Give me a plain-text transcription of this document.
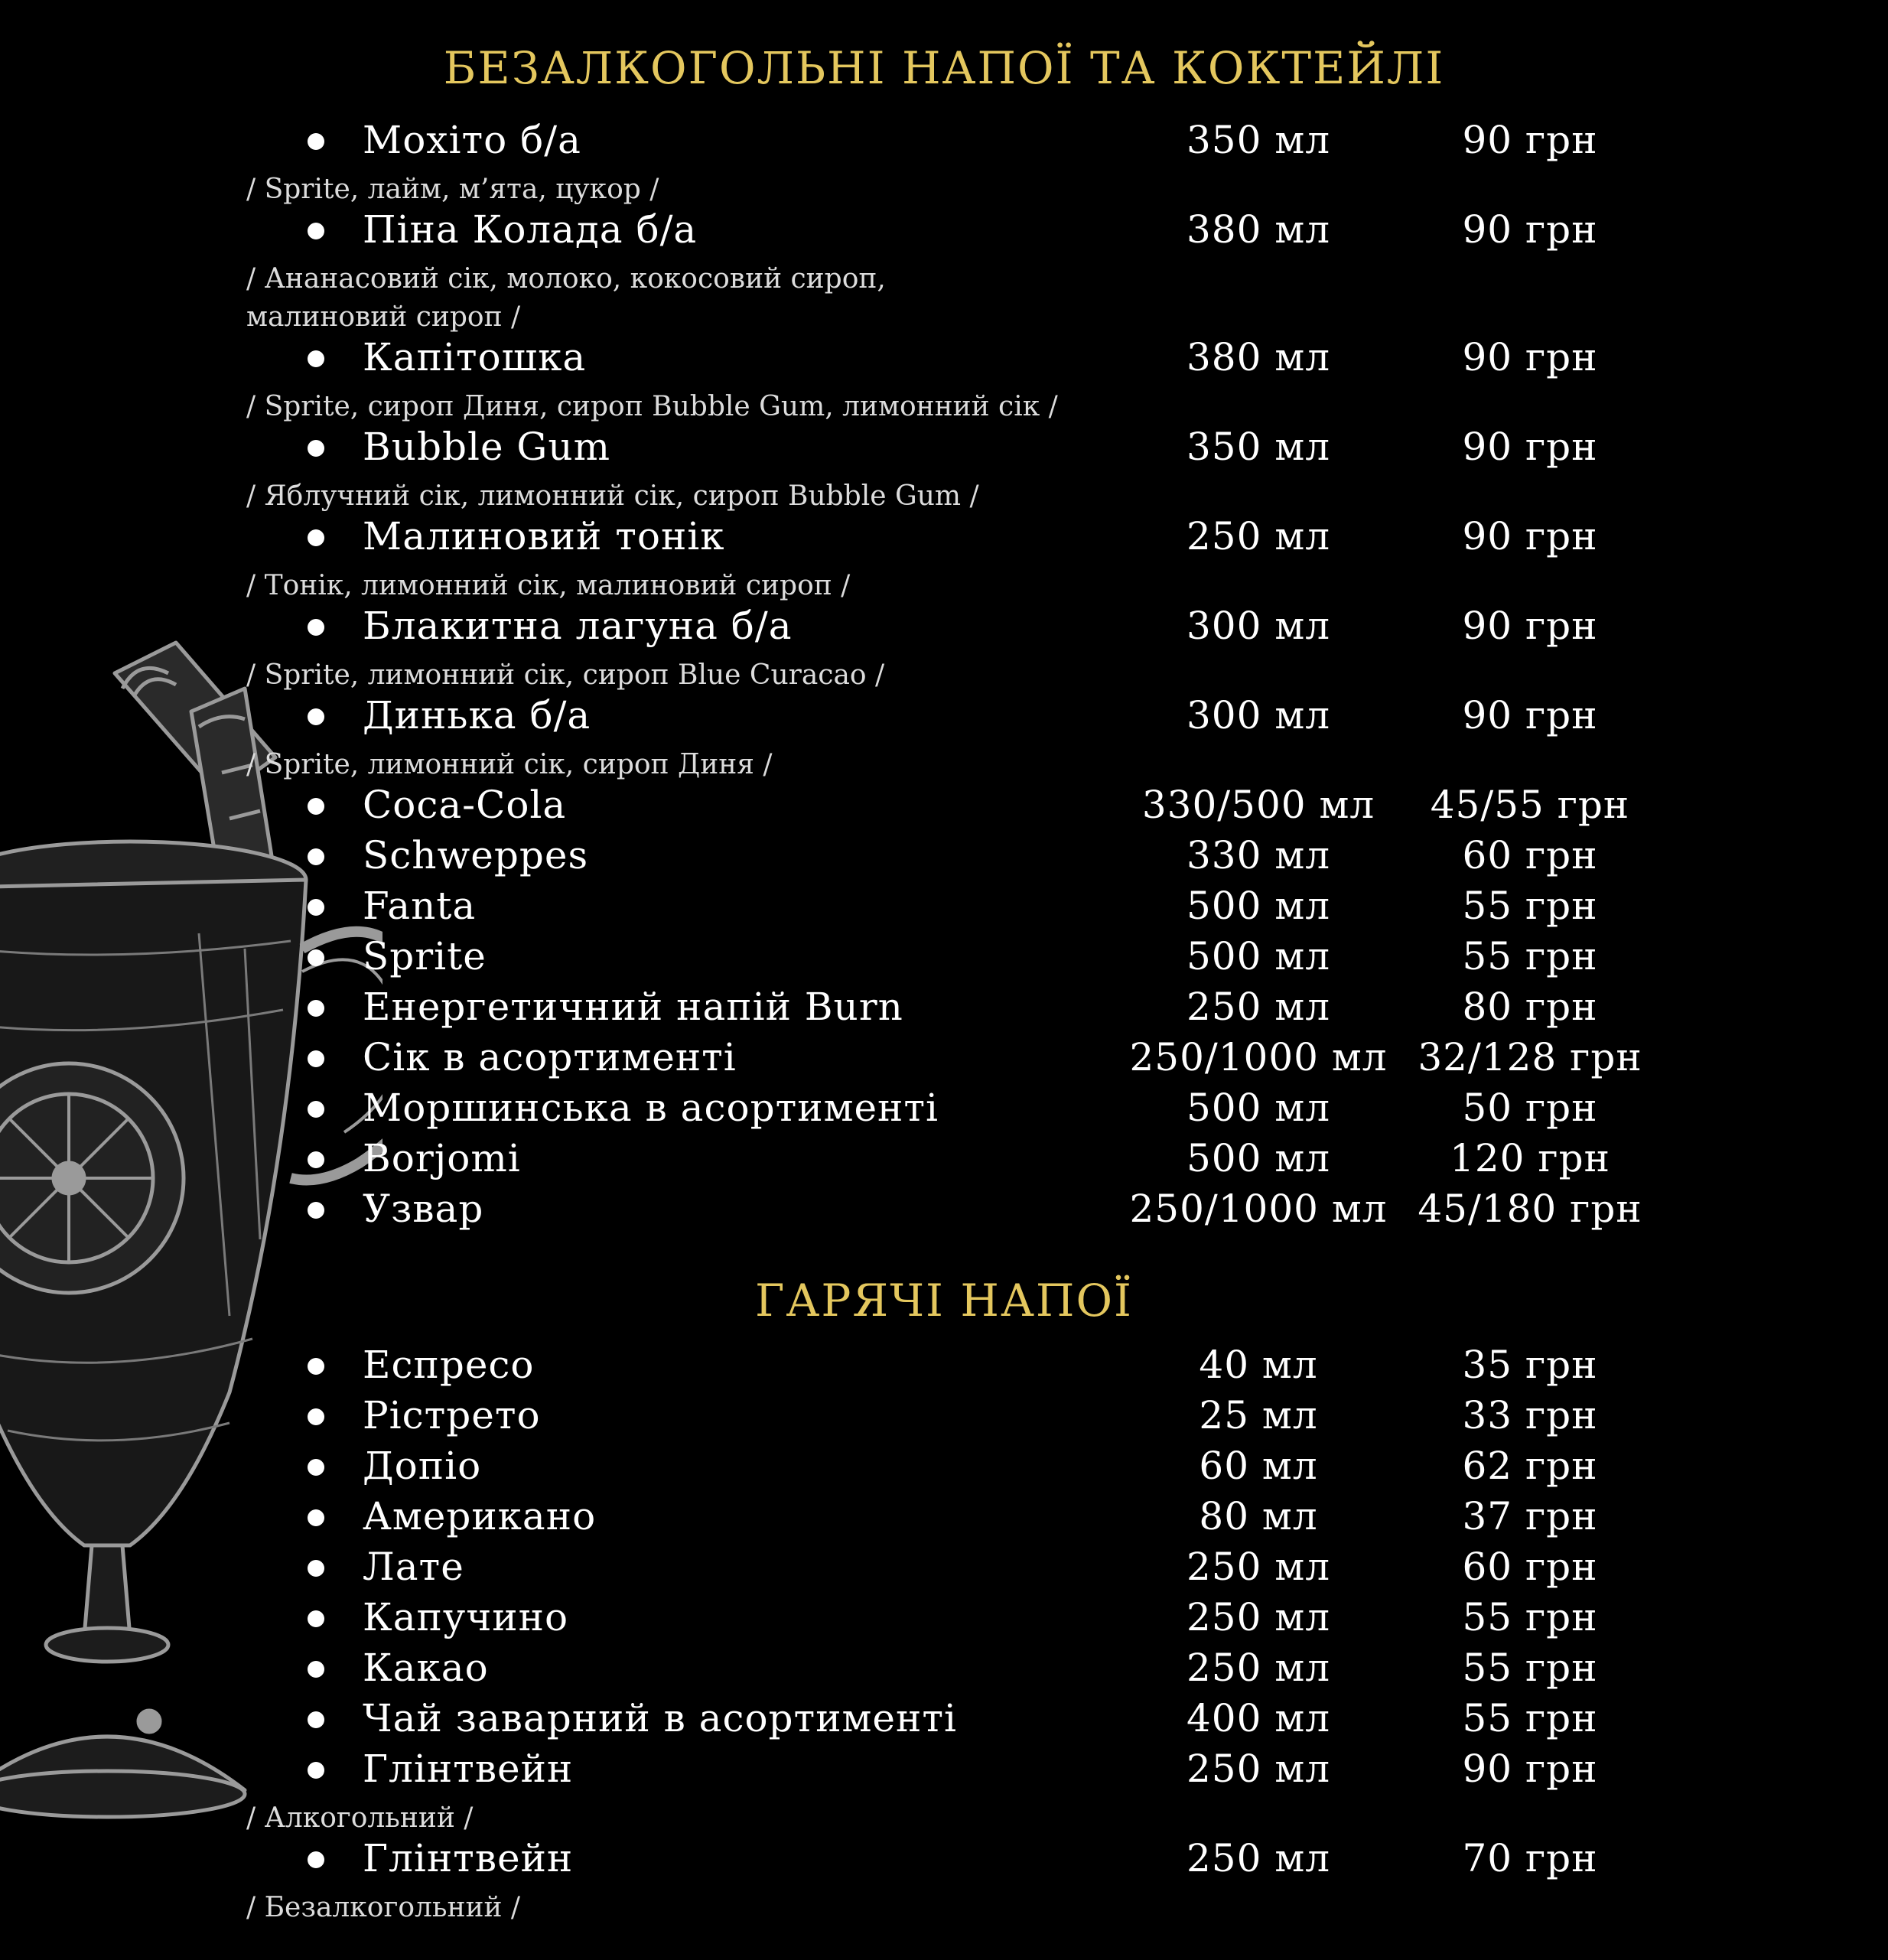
БЕЗАЛКОГОЛЬНІ НАПОЇ ТА КОКТЕЙЛІ
Мохіто б/а	350 мл	90 грн
/ Sprite, лайм, м’ята, цукор /
Піна Колада б/а	380 мл	90 грн
/ Ананасовий сік, молоко, кокосовий сироп,
малиновий сироп /
Капітошка	380 мл	90 грн
/ Sprite, сироп Диня, сироп Bubble Gum, лимонний сік /
Bubble Gum	350 мл	90 грн
/ Яблучний сік, лимонний сік, сироп Bubble Gum /
Малиновий тонік	250 мл	90 грн
/ Тонік, лимонний сік, малиновий сироп /
Блакитна лагуна б/а	300 мл	90 грн
/ Sprite, лимонний сік, сироп Blue Curacao /
Динька б/а	300 мл	90 грн
/ Sprite, лимонний сік, сироп Диня /
Coca-Cola	330/500 мл	45/55 грн
Schweppes	330 мл	60 грн
Fanta	500 мл	55 грн
Sprite	500 мл	55 грн
Енергетичний напій Burn	250 мл	80 грн
Сік в асортименті	250/1000 мл 32/128 грн
Моршинська в асортименті	500 мл	50 грн
Borjomi	500 мл	120 грн
Узвар	250/1000 мл 45/180 грн
ГАРЯЧІ НАПОЇ
Еспресо	40 мл	35 грн
Рістрето	25 мл	33 грн
Допіо	60 мл	62 грн
Американо	80 мл	37 грн
Лате	250 мл	60 грн
Капучино	250 мл	55 грн
Какао	250 мл	55 грн
Чай заварний в асортименті	400 мл	55 грн
Глінтвейн	250 мл	90 грн
/ Алкогольний /
Глінтвейн	250 мл	70 грн
/ Безалкогольний /
